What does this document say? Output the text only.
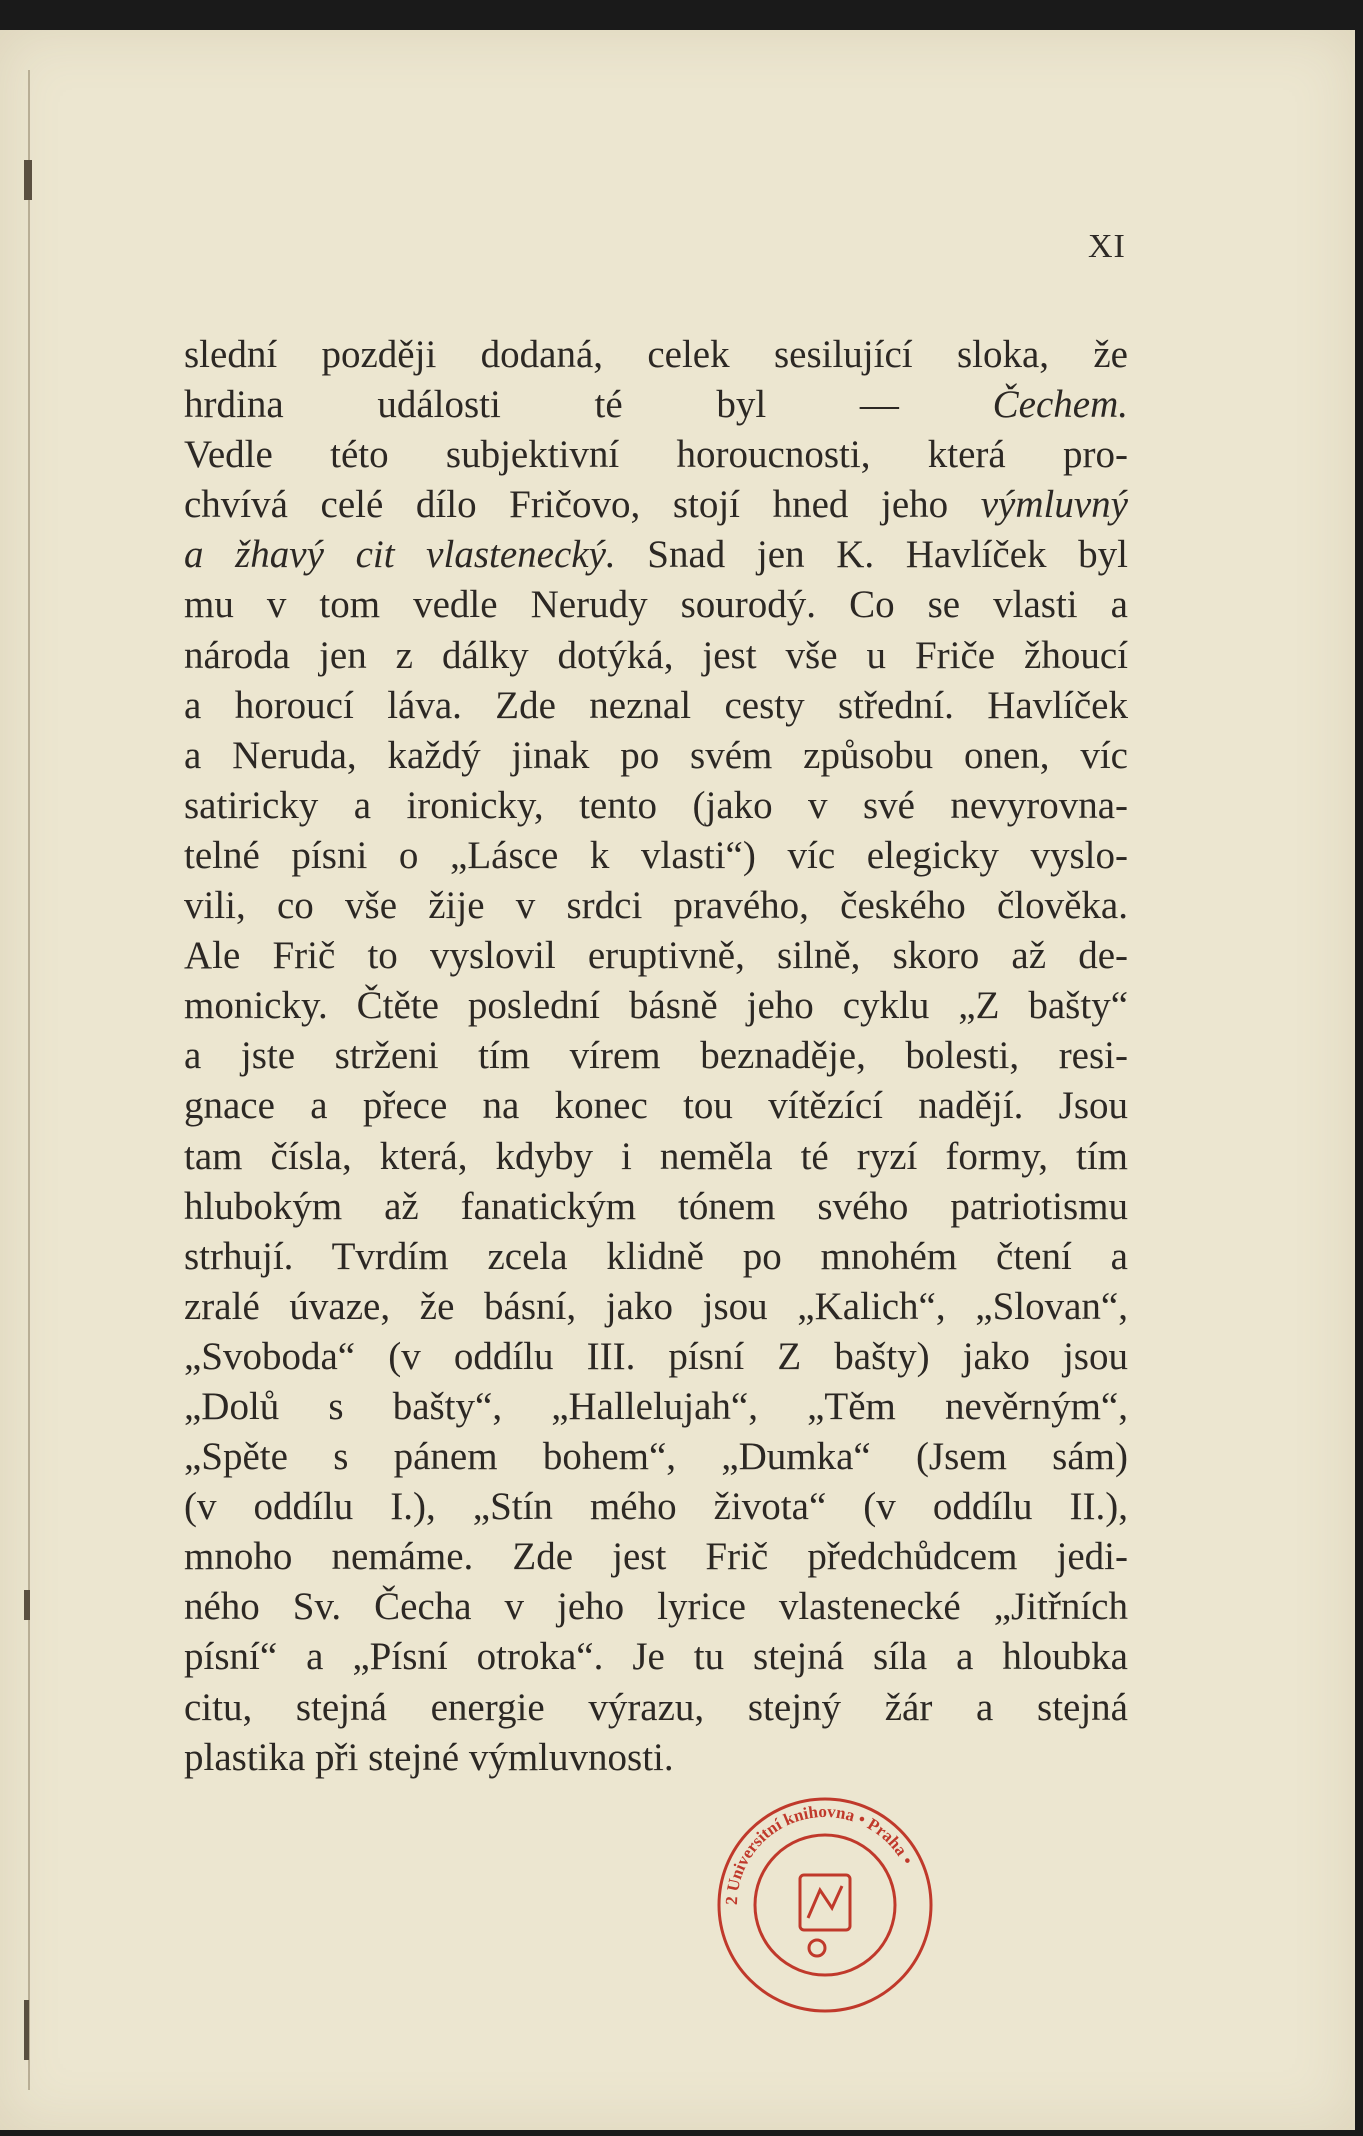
XI
slední později dodaná, celek sesilující sloka, že
hrdina události té byl — Čechem.
Vedle této subjektivní horoucnosti, která pro-
chvívá celé dílo Fričovo, stojí hned jeho výmluvný
a žhavý cit vlastenecký. Snad jen K. Havlíček byl
mu v tom vedle Nerudy sourodý. Co se vlasti a
národa jen z dálky dotýká, jest vše u Friče žhoucí
a horoucí láva. Zde neznal cesty střední. Havlíček
a Neruda, každý jinak po svém způsobu onen, víc
satiricky a ironicky, tento (jako v své nevyrovna-
telné písni o „Lásce k vlasti“) víc elegicky vyslo-
vili, co vše žije v srdci pravého, českého člověka.
Ale Frič to vyslovil eruptivně, silně, skoro až de-
monicky. Čtěte poslední básně jeho cyklu „Z bašty“
a jste strženi tím vírem beznaděje, bolesti, resi-
gnace a přece na konec tou vítězící nadějí. Jsou
tam čísla, která, kdyby i neměla té ryzí formy, tím
hlubokým až fanatickým tónem svého patriotismu
strhují. Tvrdím zcela klidně po mnohém čtení a
zralé úvaze, že básní, jako jsou „Kalich“, „Slovan“,
„Svoboda“ (v oddílu III. písní Z bašty) jako jsou
„Dolů s bašty“, „Hallelujah“, „Těm nevěrným“,
„Spěte s pánem bohem“, „Dumka“ (Jsem sám)
(v oddílu I.), „Stín mého života“ (v oddílu II.),
mnoho nemáme. Zde jest Frič předchůdcem jedi-
ného Sv. Čecha v jeho lyrice vlastenecké „Jitřních
písní“ a „Písní otroka“. Je tu stejná síla a hloubka
citu, stejná energie výrazu, stejný žár a stejná
plastika při stejné výmluvnosti.
2 Universitní knihovna • Praha •
